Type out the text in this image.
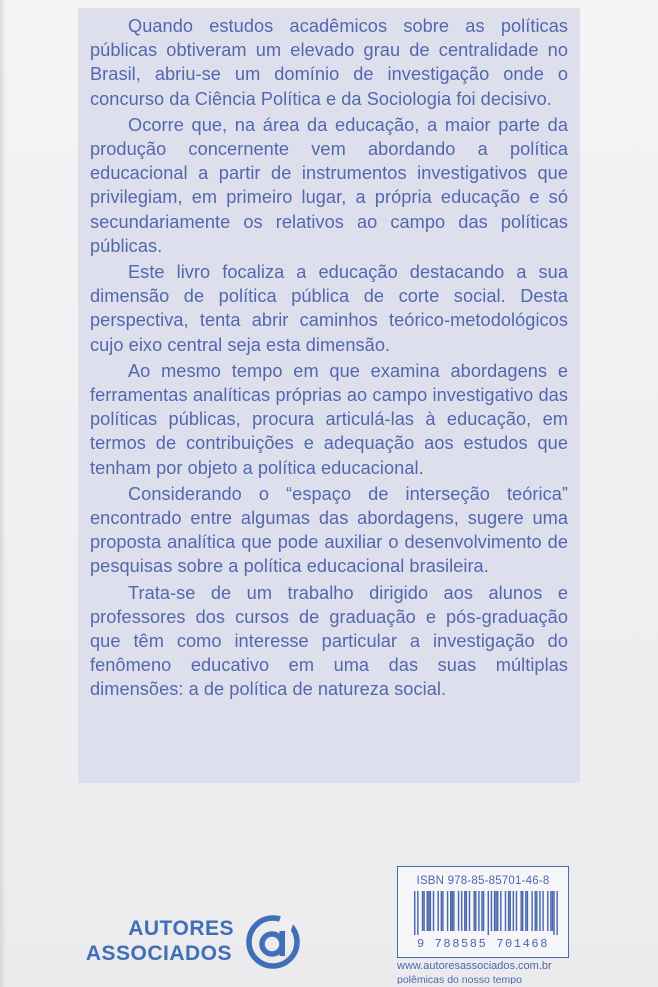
Quando estudos acadêmicos sobre as políticas públicas obtiveram um elevado grau de centralidade no Brasil, abriu-se um domínio de investigação onde o concurso da Ciência Política e da Sociologia foi decisivo.

Ocorre que, na área da educação, a maior parte da produção concernente vem abordando a política educacional a partir de instrumentos investigativos que privilegiam, em primeiro lugar, a própria educação e só secundariamente os relativos ao campo das políticas públicas.

Este livro focaliza a educação destacando a sua dimensão de política pública de corte social. Desta perspectiva, tenta abrir caminhos teórico-metodológicos cujo eixo central seja esta dimensão.

Ao mesmo tempo em que examina abordagens e ferramentas analíticas próprias ao campo investigativo das políticas públicas, procura articulá-las à educação, em termos de contribuições e adequação aos estudos que tenham por objeto a política educacional.

Considerando o “espaço de interseção teórica” encontrado entre algumas das abordagens, sugere uma proposta analítica que pode auxiliar o desenvolvimento de pesquisas sobre a política educacional brasileira.

Trata-se de um trabalho dirigido aos alunos e professores dos cursos de graduação e pós-graduação que têm como interesse particular a investigação do fenômeno educativo em uma das suas múltiplas dimensões: a de política de natureza social.

AUTORES
ASSOCIADOS
ISBN 978-85-85701-46-8
9 788585 701468
www.autoresassociados.com.br
polêmicas do nosso tempo
